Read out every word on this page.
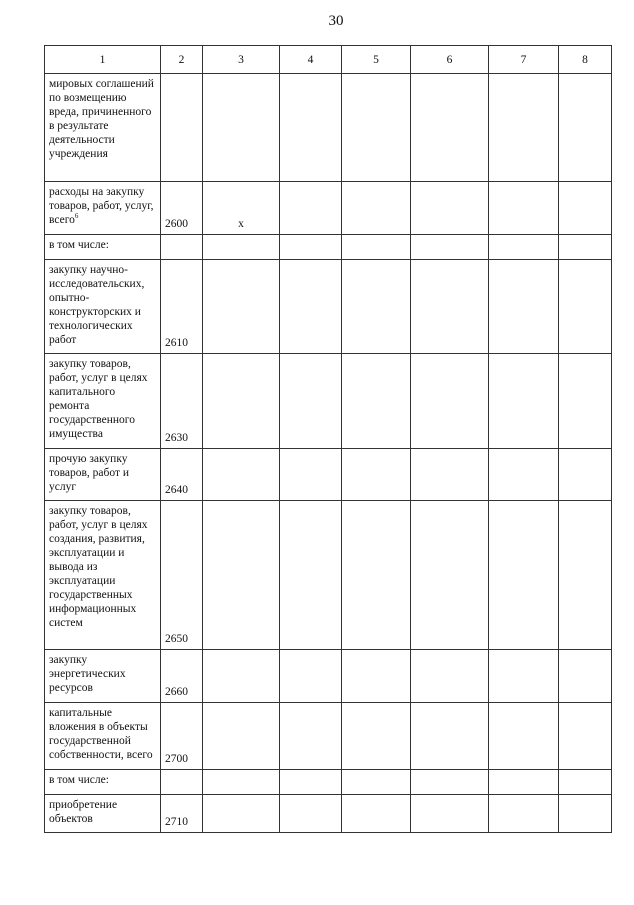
30
1	2	3	4	5	6	7	8
мировых соглашений по возмещению вреда, причиненного в результате деятельности учреждения							
расходы на закупку товаров, работ, услуг, всего$^6$	2600	х					
в том числе:							
закупку научно-исследовательских, опытно-конструкторских и технологических работ	2610						
закупку товаров, работ, услуг в целях капитального ремонта государственного имущества	2630						
прочую закупку товаров, работ и услуг	2640						
закупку товаров, работ, услуг в целях создания, развития, эксплуатации и вывода из эксплуатации государственных информационных систем	2650						
закупку энергетических ресурсов	2660						
капитальные вложения в объекты государственной собственности, всего	2700						
в том числе:							
приобретение объектов	2710						
